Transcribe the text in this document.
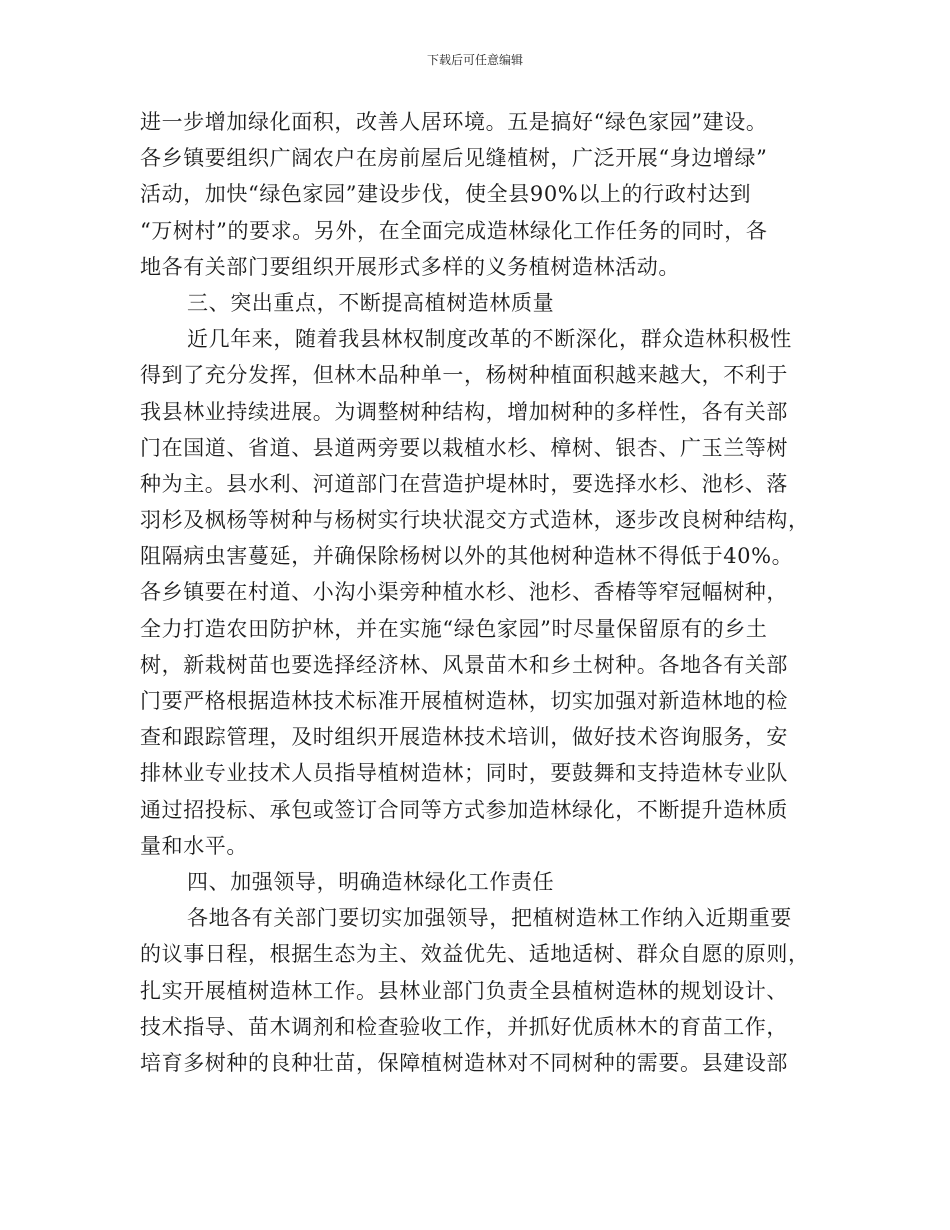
下载后可任意编辑
进一步增加绿化面积，改善人居环境。五是搞好“绿色家园”建设。
各乡镇要组织广阔农户在房前屋后见缝植树，广泛开展“身边增绿”
活动，加快“绿色家园”建设步伐，使全县90%以上的行政村达到
“万树村”的要求。另外，在全面完成造林绿化工作任务的同时，各
地各有关部门要组织开展形式多样的义务植树造林活动。
三、突出重点，不断提高植树造林质量
近几年来，随着我县林权制度改革的不断深化，群众造林积极性
得到了充分发挥，但林木品种单一，杨树种植面积越来越大，不利于
我县林业持续进展。为调整树种结构，增加树种的多样性，各有关部
门在国道、省道、县道两旁要以栽植水杉、樟树、银杏、广玉兰等树
种为主。县水利、河道部门在营造护堤林时，要选择水杉、池杉、落
羽杉及枫杨等树种与杨树实行块状混交方式造林，逐步改良树种结构，
阻隔病虫害蔓延，并确保除杨树以外的其他树种造林不得低于40%。
各乡镇要在村道、小沟小渠旁种植水杉、池杉、香椿等窄冠幅树种，
全力打造农田防护林，并在实施“绿色家园”时尽量保留原有的乡土
树，新栽树苗也要选择经济林、风景苗木和乡土树种。各地各有关部
门要严格根据造林技术标准开展植树造林，切实加强对新造林地的检
查和跟踪管理，及时组织开展造林技术培训，做好技术咨询服务，安
排林业专业技术人员指导植树造林；同时，要鼓舞和支持造林专业队
通过招投标、承包或签订合同等方式参加造林绿化，不断提升造林质
量和水平。
四、加强领导，明确造林绿化工作责任
各地各有关部门要切实加强领导，把植树造林工作纳入近期重要
的议事日程，根据生态为主、效益优先、适地适树、群众自愿的原则，
扎实开展植树造林工作。县林业部门负责全县植树造林的规划设计、
技术指导、苗木调剂和检查验收工作，并抓好优质林木的育苗工作，
培育多树种的良种壮苗，保障植树造林对不同树种的需要。县建设部
